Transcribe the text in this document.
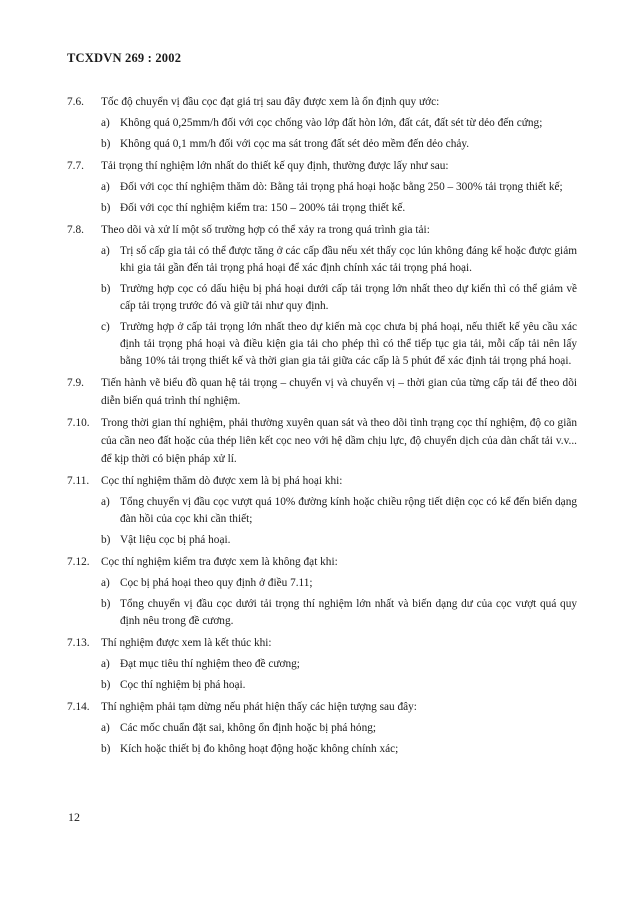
TCXDVN 269 : 2002
7.6.	Tốc độ chuyển vị đầu cọc đạt giá trị sau đây được xem là ổn định quy ước:
a) Không quá 0,25mm/h đối với cọc chống vào lớp đất hòn lớn, đất cát, đất sét từ dẻo đến cứng;
b) Không quá 0,1 mm/h đối với cọc ma sát trong đất sét dẻo mềm đến dẻo chảy.
7.7.	Tải trọng thí nghiệm lớn nhất do thiết kế quy định, thường được lấy như sau:
a) Đối với cọc thí nghiệm thăm dò: Bằng tải trọng phá hoại hoặc bằng 250 – 300% tải trọng thiết kế;
b) Đối với cọc thí nghiệm kiểm tra: 150 – 200% tải trọng thiết kế.
7.8.	Theo dõi và xử lí một số trường hợp có thể xảy ra trong quá trình gia tải:
a) Trị số cấp gia tải có thể được tăng ở các cấp đầu nếu xét thấy cọc lún không đáng kể hoặc được giảm khi gia tải gần đến tải trọng phá hoại để xác định chính xác tải trọng phá hoại.
b) Trường hợp cọc có dấu hiệu bị phá hoại dưới cấp tải trọng lớn nhất theo dự kiến thì có thể giảm về cấp tải trọng trước đó và giữ tải như quy định.
c) Trường hợp ở cấp tải trọng lớn nhất theo dự kiến mà cọc chưa bị phá hoại, nếu thiết kế yêu cầu xác định tải trọng phá hoại và điều kiện gia tải cho phép thì có thể tiếp tục gia tải, mỗi cấp tải nên lấy bằng 10% tải trọng thiết kế và thời gian gia tải giữa các cấp là 5 phút để xác định tải trọng phá hoại.
7.9.	Tiến hành vẽ biểu đồ quan hệ tải trọng – chuyển vị và chuyển vị – thời gian của từng cấp tải để theo dõi diễn biến quá trình thí nghiệm.
7.10.	Trong thời gian thí nghiệm, phải thường xuyên quan sát và theo dõi tình trạng cọc thí nghiệm, độ co giãn của cần neo đất hoặc của thép liên kết cọc neo với hệ dầm chịu lực, độ chuyển dịch của dàn chất tải v.v... để kịp thời có biện pháp xử lí.
7.11.	Cọc thí nghiệm thăm dò được xem là bị phá hoại khi:
a) Tổng chuyển vị đầu cọc vượt quá 10% đường kính hoặc chiều rộng tiết diện cọc có kể đến biến dạng đàn hồi của cọc khi cần thiết;
b) Vật liệu cọc bị phá hoại.
7.12.	Cọc thí nghiệm kiểm tra được xem là không đạt khi:
a) Cọc bị phá hoại theo quy định ở điều 7.11;
b) Tổng chuyển vị đầu cọc dưới tải trọng thí nghiệm lớn nhất và biến dạng dư của cọc vượt quá quy định nêu trong đề cương.
7.13.	Thí nghiệm được xem là kết thúc khi:
a) Đạt mục tiêu thí nghiệm theo đề cương;
b) Cọc thí nghiệm bị phá hoại.
7.14.	Thí nghiệm phải tạm dừng nếu phát hiện thấy các hiện tượng sau đây:
a) Các mốc chuẩn đặt sai, không ổn định hoặc bị phá hỏng;
b) Kích hoặc thiết bị đo không hoạt động hoặc không chính xác;
12
